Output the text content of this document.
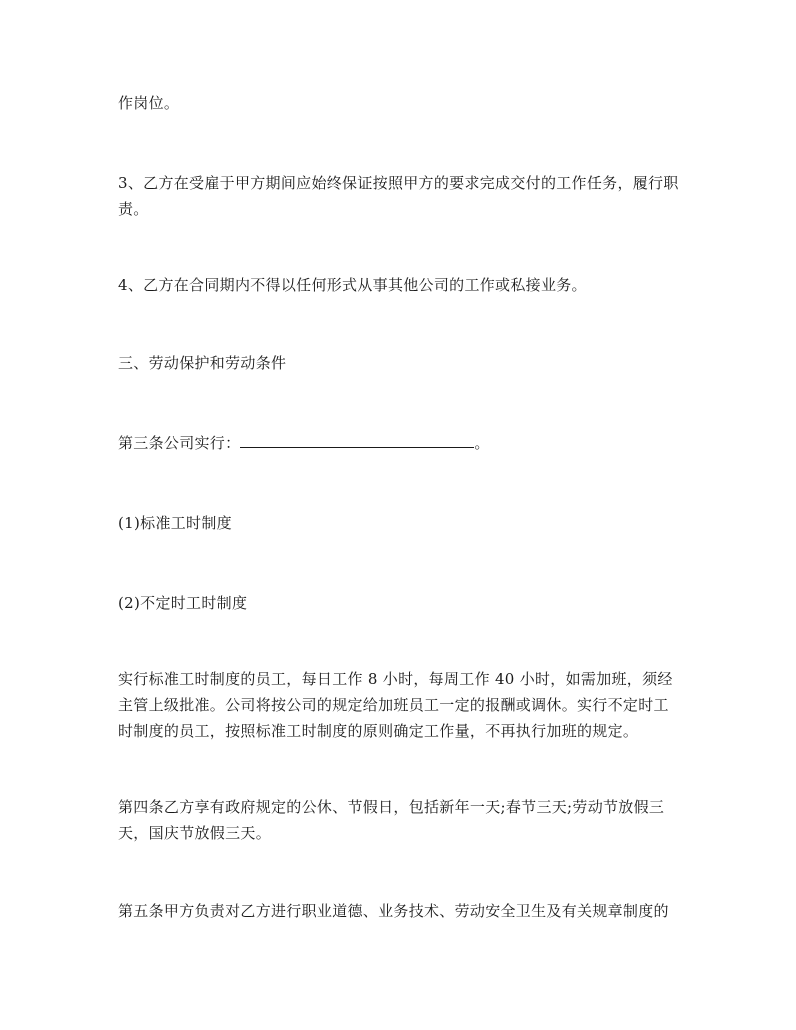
作岗位。
3、乙方在受雇于甲方期间应始终保证按照甲方的要求完成交付的工作任务，履行职责。
4、乙方在合同期内不得以任何形式从事其他公司的工作或私接业务。
三、劳动保护和劳动条件
第三条公司实行：	。
(1)标准工时制度
(2)不定时工时制度
实行标准工时制度的员工，每日工作 8 小时，每周工作 40 小时，如需加班，须经主管上级批准。公司将按公司的规定给加班员工一定的报酬或调休。实行不定时工时制度的员工，按照标准工时制度的原则确定工作量，不再执行加班的规定。
第四条乙方享有政府规定的公休、节假日，包括新年一天;春节三天;劳动节放假三天，国庆节放假三天。
第五条甲方负责对乙方进行职业道德、业务技术、劳动安全卫生及有关规章制度的
